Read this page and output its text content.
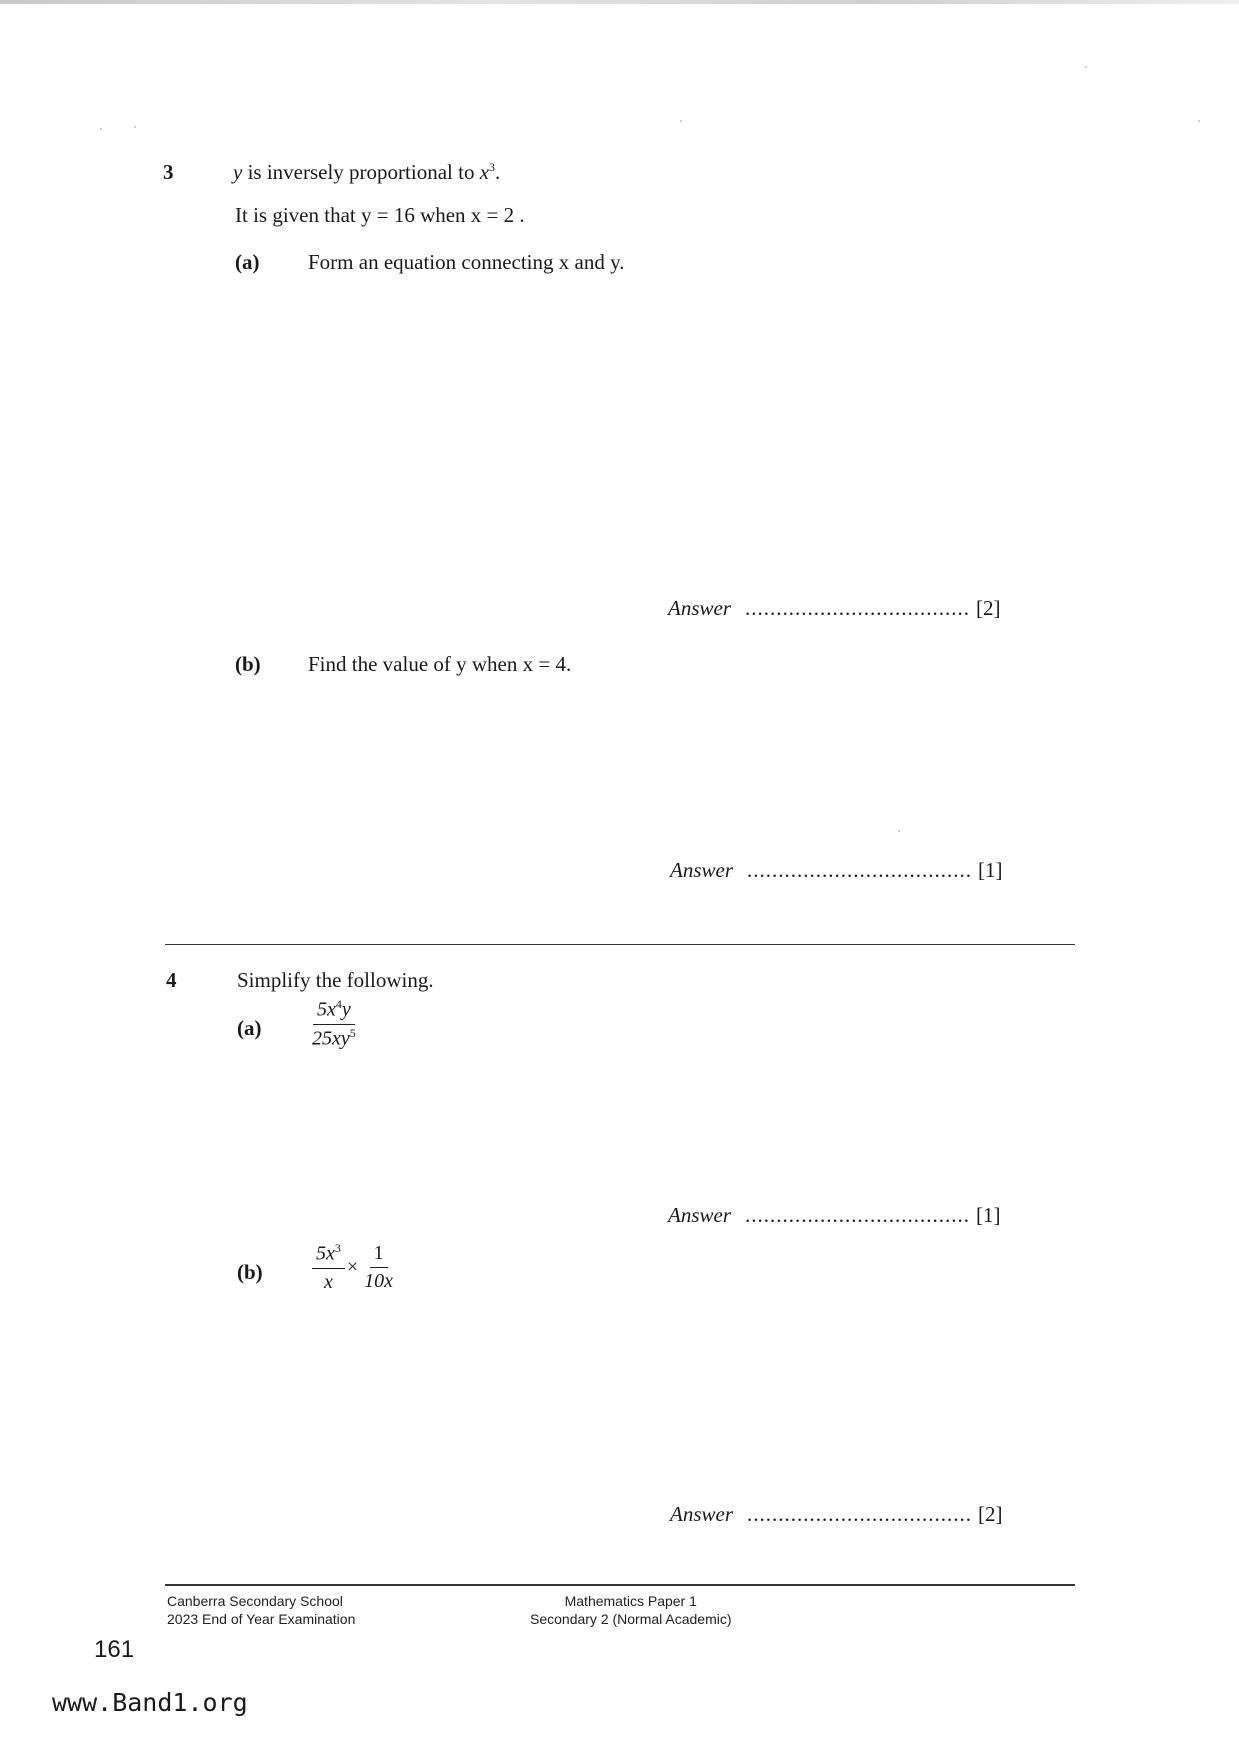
3	y is inversely proportional to $x^3$.
It is given that y = 16 when x = 2 .
(a) Form an equation connecting x and y.
Answer .................................... [2]
(b) Find the value of y when x = 4.
Answer .................................... [1]
4	Simplify the following.
$(a) \frac{5x^4y}{25xy^5}$
Answer .................................... [1]
$(b) \frac{5x^3}{x} \times \frac{1}{10x}$
Answer .................................... [2]
Canberra Secondary School
2023 End of Year Examination
Mathematics Paper 1
Secondary 2 (Normal Academic)
161
www.Band1.org
